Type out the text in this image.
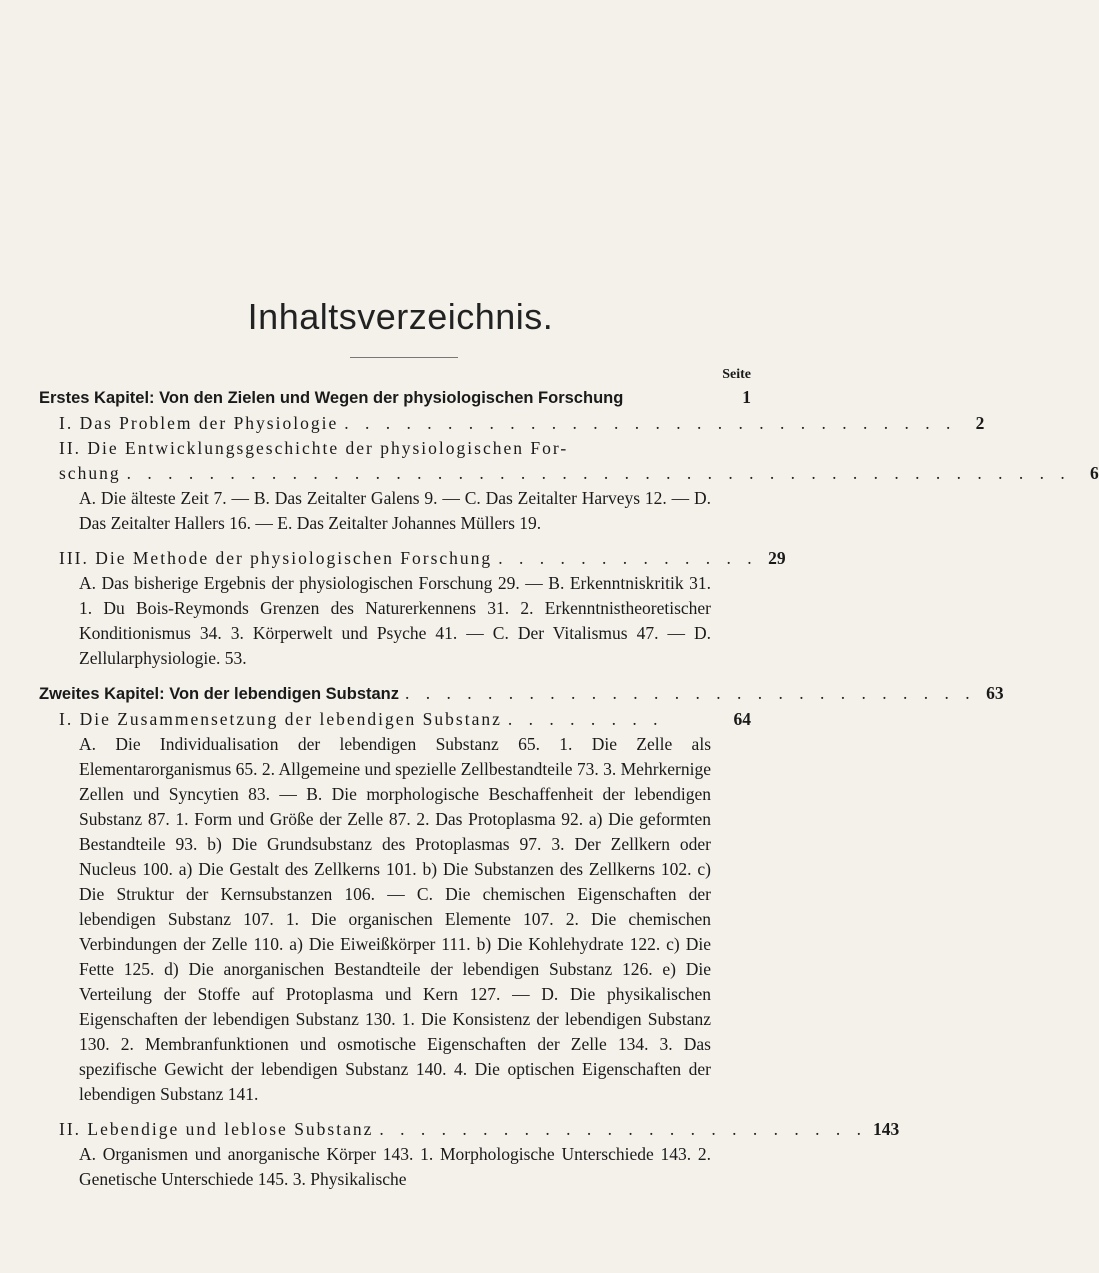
Inhaltsverzeichnis.
Seite
Erstes Kapitel: Von den Zielen und Wegen der physiologischen Forschung	1
I. Das Problem der Physiologie . . . . . . . . . . . . . . . . . . . . . . . . . . . . . .	2
II. Die Entwicklungsgeschichte der physiologischen For-
schung . . . . . . . . . . . . . . . . . . . . . . . . . . . . . . . . . . . . . . . . . . . . . .	6
A. Die älteste Zeit 7. — B. Das Zeitalter Galens 9. — C. Das Zeitalter Harveys 12. — D. Das Zeitalter Hallers 16. — E. Das Zeitalter Johannes Müllers 19.
III. Die Methode der physiologischen Forschung . . . . . . . . . . . . . 29
A. Das bisherige Ergebnis der physiologischen Forschung 29. — B. Erkenntniskritik 31. 1. Du Bois-Reymonds Grenzen des Naturerkennens 31. 2. Erkenntnistheoretischer Konditionismus 34. 3. Körperwelt und Psyche 41. — C. Der Vitalismus 47. — D. Zellularphysiologie. 53.
Zweites Kapitel: Von der lebendigen Substanz . . . . . . . . . . . . . . . . . . . . . . . . . . . . 63
I. Die Zusammensetzung der lebendigen Substanz . . . . . . . .	64
A. Die Individualisation der lebendigen Substanz 65. 1. Die Zelle als Elementarorganismus 65. 2. Allgemeine und spezielle Zellbestandteile 73. 3. Mehrkernige Zellen und Syncytien 83. — B. Die morphologische Beschaffenheit der lebendigen Substanz 87. 1. Form und Größe der Zelle 87. 2. Das Protoplasma 92. a) Die geformten Bestandteile 93. b) Die Grundsubstanz des Protoplasmas 97. 3. Der Zellkern oder Nucleus 100. a) Die Gestalt des Zellkerns 101. b) Die Substanzen des Zellkerns 102. c) Die Struktur der Kernsubstanzen 106. — C. Die chemischen Eigenschaften der lebendigen Substanz 107. 1. Die organischen Elemente 107. 2. Die chemischen Verbindungen der Zelle 110. a) Die Eiweißkörper 111. b) Die Kohlehydrate 122. c) Die Fette 125. d) Die anorganischen Bestandteile der lebendigen Substanz 126. e) Die Verteilung der Stoffe auf Protoplasma und Kern 127. — D. Die physikalischen Eigenschaften der lebendigen Substanz 130. 1. Die Konsistenz der lebendigen Substanz 130. 2. Membranfunktionen und osmotische Eigenschaften der Zelle 134. 3. Das spezifische Gewicht der lebendigen Substanz 140. 4. Die optischen Eigenschaften der lebendigen Substanz 141.
II. Lebendige und leblose Substanz . . . . . . . . . . . . . . . . . . . . . . . . 143
A. Organismen und anorganische Körper 143. 1. Morphologische Unterschiede 143. 2. Genetische Unterschiede 145. 3. Physikalische
